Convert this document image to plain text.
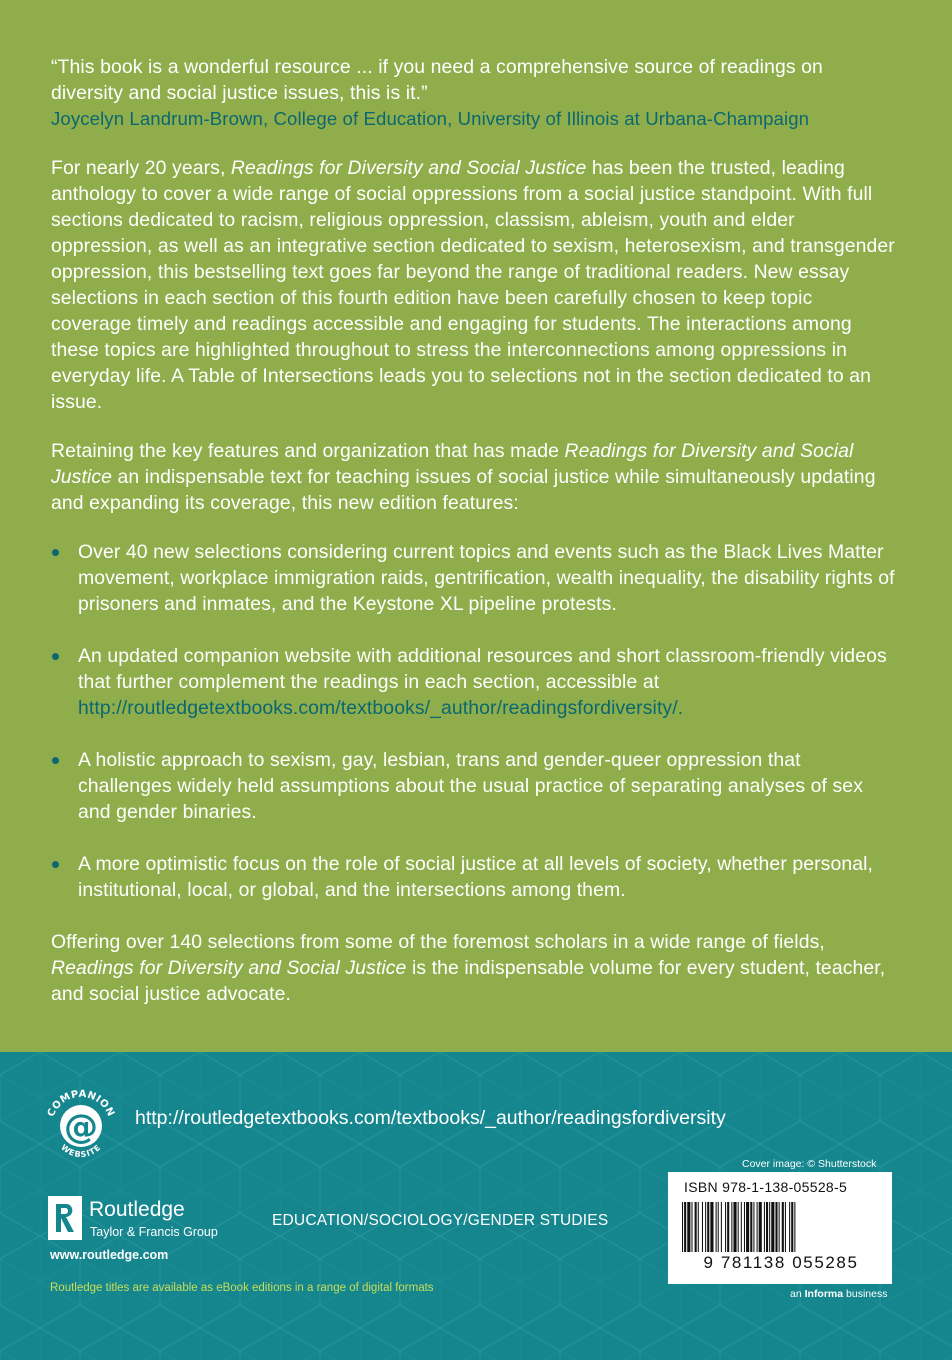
“This book is a wonderful resource ... if you need a comprehensive source of readings on diversity and social justice issues, this is it.”

Joycelyn Landrum-Brown, College of Education, University of Illinois at Urbana-Champaign

For nearly 20 years, Readings for Diversity and Social Justice has been the trusted, leading anthology to cover a wide range of social oppressions from a social justice standpoint. With full sections dedicated to racism, religious oppression, classism, ableism, youth and elder oppression, as well as an integrative section dedicated to sexism, heterosexism, and transgender oppression, this bestselling text goes far beyond the range of traditional readers. New essay selections in each section of this fourth edition have been carefully chosen to keep topic coverage timely and readings accessible and engaging for students. The interactions among these topics are highlighted throughout to stress the interconnections among oppressions in everyday life. A Table of Intersections leads you to selections not in the section dedicated to an issue.

Retaining the key features and organization that has made Readings for Diversity and Social Justice an indispensable text for teaching issues of social justice while simultaneously updating and expanding its coverage, this new edition features:

Over 40 new selections considering current topics and events such as the Black Lives Matter movement, workplace immigration raids, gentrification, wealth inequality, the disability rights of prisoners and inmates, and the Keystone XL pipeline protests.
An updated companion website with additional resources and short classroom-friendly videos that further complement the readings in each section, accessible at http://routledgetextbooks.com/textbooks/_author/readingsfordiversity/.
A holistic approach to sexism, gay, lesbian, trans and gender-queer oppression that challenges widely held assumptions about the usual practice of separating analyses of sex and gender binaries.
A more optimistic focus on the role of social justice at all levels of society, whether personal, institutional, local, or global, and the intersections among them.

Offering over 140 selections from some of the foremost scholars in a wide range of fields, Readings for Diversity and Social Justice is the indispensable volume for every student, teacher, and social justice advocate.

@
COMPANION
WEBSITE
http://routledgetextbooks.com/textbooks/_author/readingsfordiversity
Routledge
Taylor & Francis Group
www.routledge.com
EDUCATION/SOCIOLOGY/GENDER STUDIES
Routledge titles are available as eBook editions in a range of digital formats
Cover image: © Shutterstock
ISBN 978-1-138-05528-5
9 781138 055285
an Informa business
